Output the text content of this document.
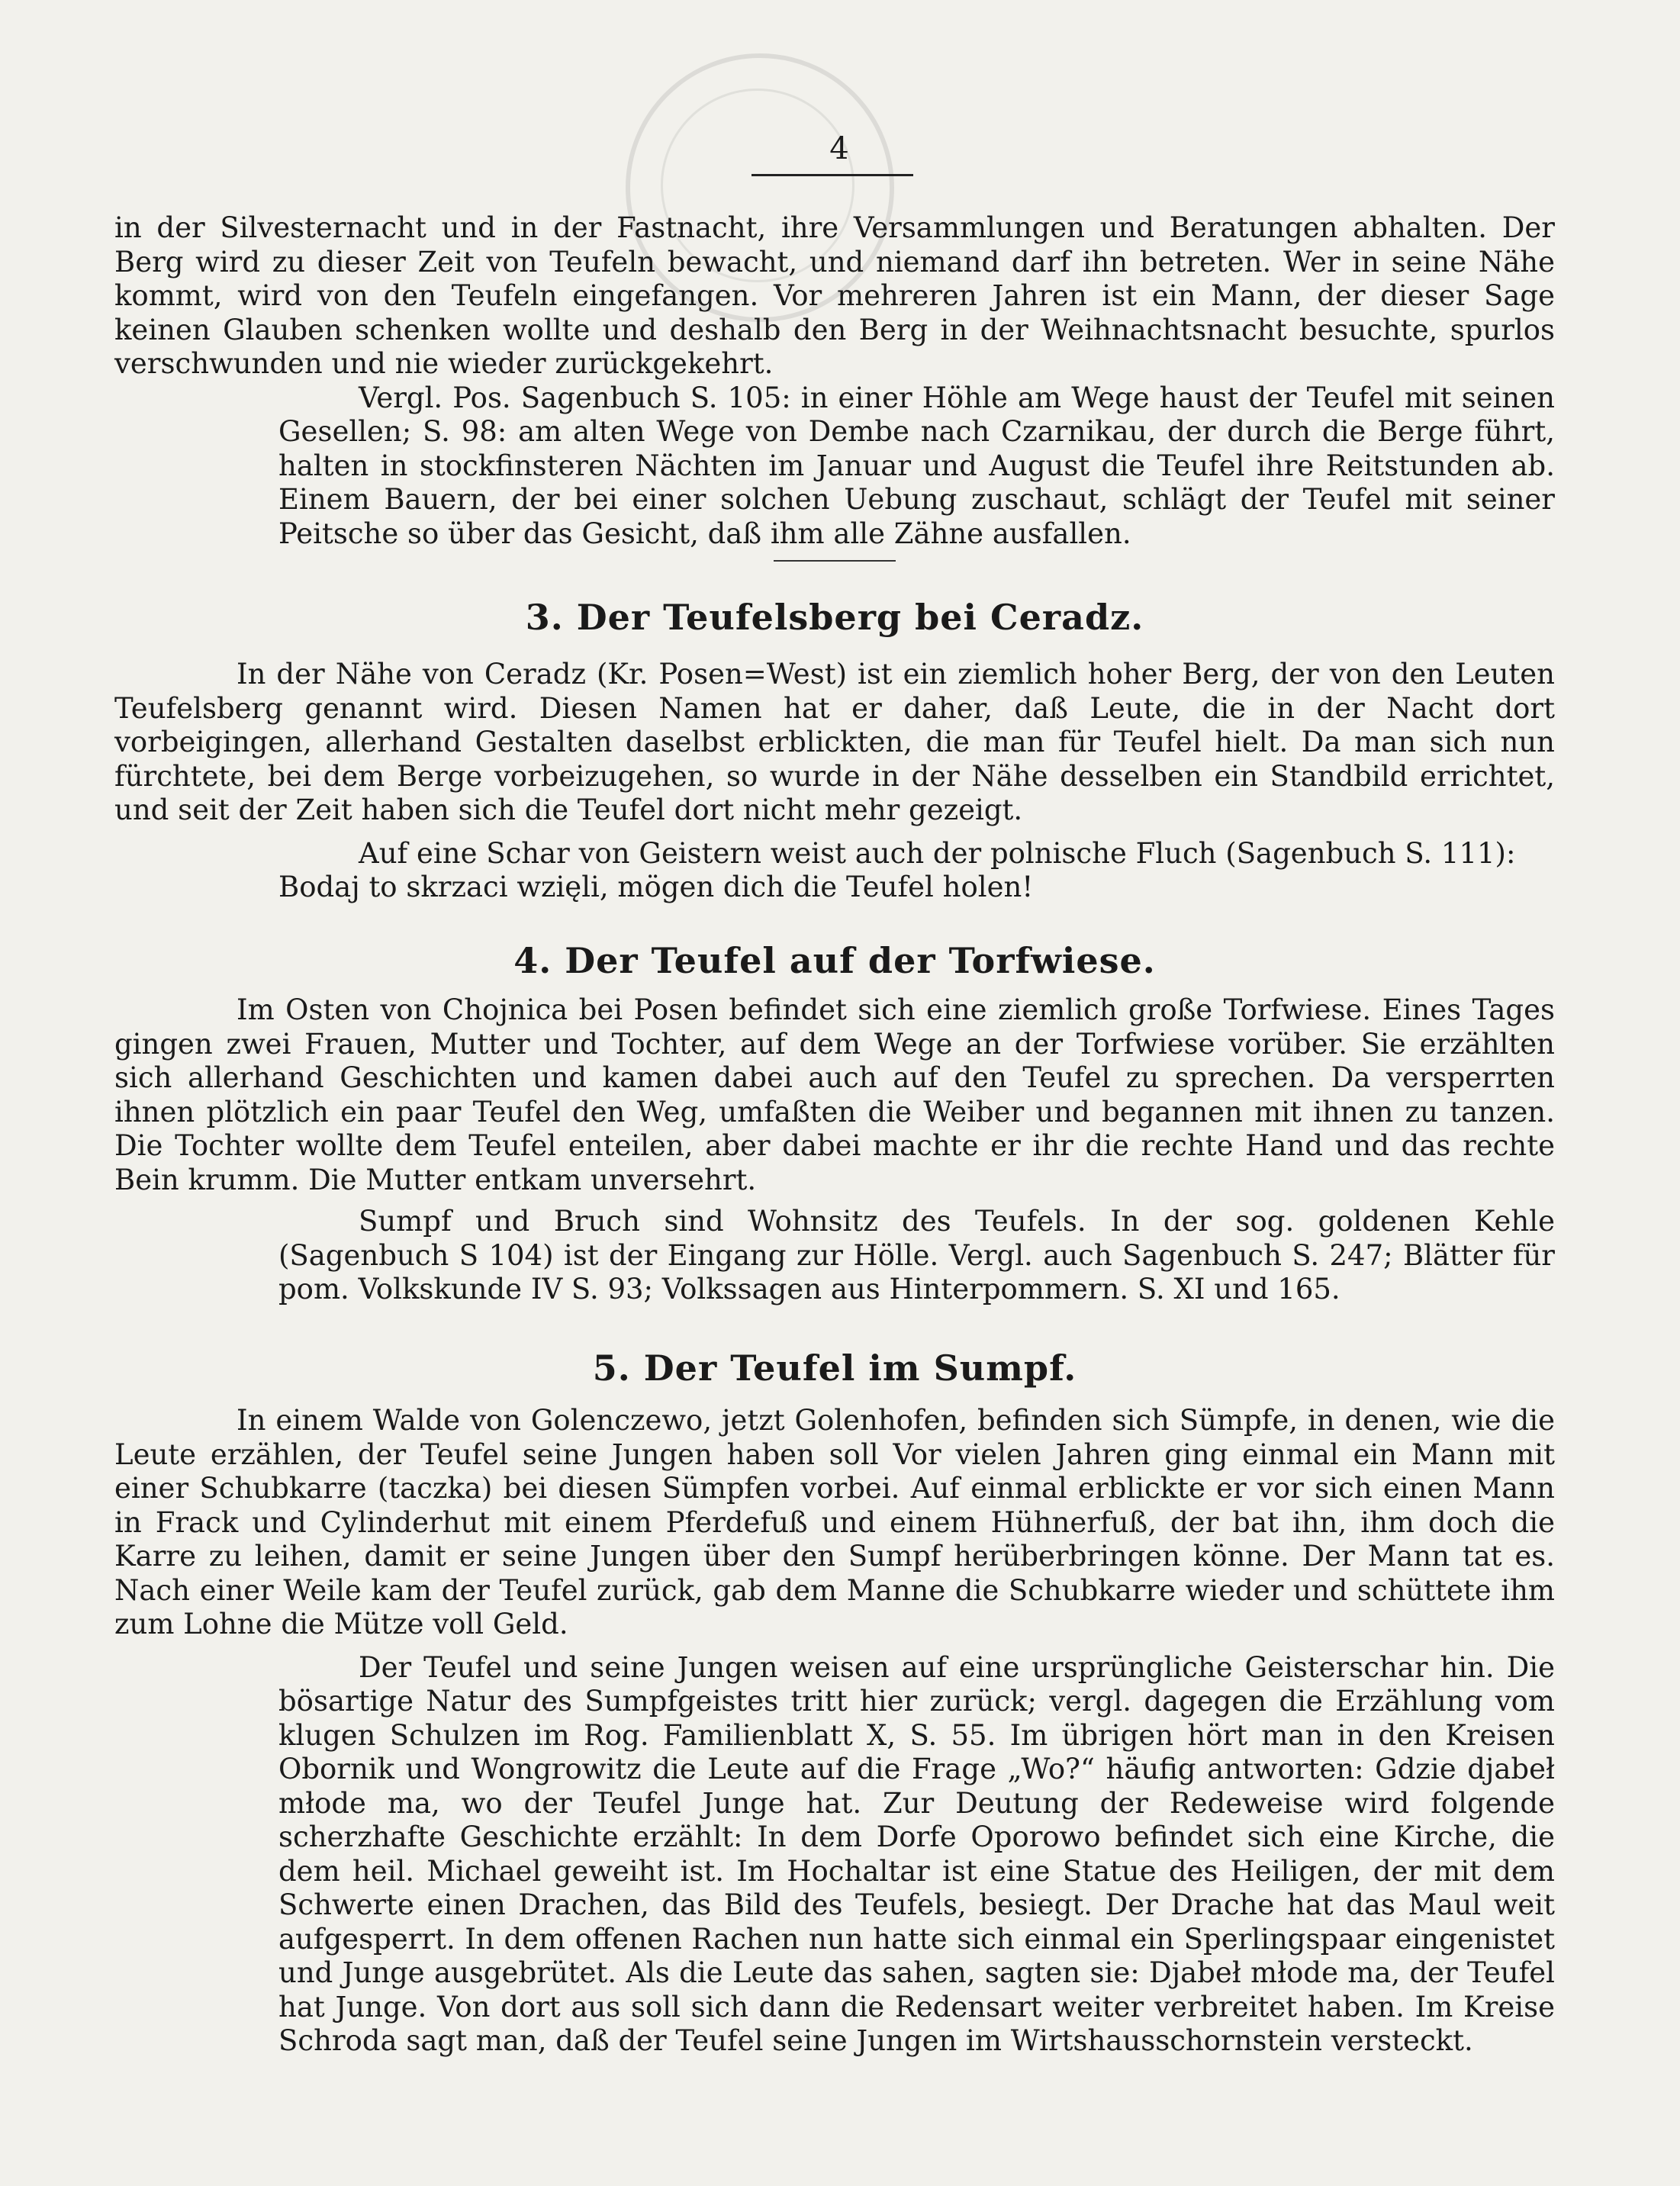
4

in der Silvesternacht und in der Fastnacht, ihre Versammlungen und Beratungen abhalten. Der Berg wird zu dieser Zeit von Teufeln bewacht, und niemand darf ihn betreten. Wer in seine Nähe kommt, wird von den Teufeln eingefangen. Vor mehreren Jahren ist ein Mann, der dieser Sage keinen Glauben schenken wollte und deshalb den Berg in der Weihnachtsnacht besuchte, spurlos verschwunden und nie wieder zurückgekehrt.

Vergl. Pos. Sagenbuch S. 105: in einer Höhle am Wege haust der Teufel mit seinen Gesellen; S. 98: am alten Wege von Dembe nach Czarnikau, der durch die Berge führt, halten in stockfinsteren Nächten im Januar und August die Teufel ihre Reitstunden ab. Einem Bauern, der bei einer solchen Uebung zuschaut, schlägt der Teufel mit seiner Peitsche so über das Gesicht, daß ihm alle Zähne ausfallen.

3. Der Teufelsberg bei Ceradz.

In der Nähe von Ceradz (Kr. Posen=West) ist ein ziemlich hoher Berg, der von den Leuten Teufelsberg genannt wird. Diesen Namen hat er daher, daß Leute, die in der Nacht dort vorbeigingen, allerhand Gestalten daselbst erblickten, die man für Teufel hielt. Da man sich nun fürchtete, bei dem Berge vorbeizugehen, so wurde in der Nähe desselben ein Standbild errichtet, und seit der Zeit haben sich die Teufel dort nicht mehr gezeigt.

Auf eine Schar von Geistern weist auch der polnische Fluch (Sagenbuch S. 111):

Bodaj to skrzaci wzięli, mögen dich die Teufel holen!

4. Der Teufel auf der Torfwiese.

Im Osten von Chojnica bei Posen befindet sich eine ziemlich große Torfwiese. Eines Tages gingen zwei Frauen, Mutter und Tochter, auf dem Wege an der Torfwiese vorüber. Sie erzählten sich allerhand Geschichten und kamen dabei auch auf den Teufel zu sprechen. Da versperrten ihnen plötzlich ein paar Teufel den Weg, umfaßten die Weiber und begannen mit ihnen zu tanzen. Die Tochter wollte dem Teufel enteilen, aber dabei machte er ihr die rechte Hand und das rechte Bein krumm. Die Mutter entkam unversehrt.

Sumpf und Bruch sind Wohnsitz des Teufels. In der sog. goldenen Kehle (Sagenbuch S 104) ist der Eingang zur Hölle. Vergl. auch Sagenbuch S. 247; Blätter für pom. Volkskunde IV S. 93; Volkssagen aus Hinterpommern. S. XI und 165.

5. Der Teufel im Sumpf.

In einem Walde von Golenczewo, jetzt Golenhofen, befinden sich Sümpfe, in denen, wie die Leute erzählen, der Teufel seine Jungen haben soll Vor vielen Jahren ging einmal ein Mann mit einer Schubkarre (taczka) bei diesen Sümpfen vorbei. Auf einmal erblickte er vor sich einen Mann in Frack und Cylinderhut mit einem Pferdefuß und einem Hühnerfuß, der bat ihn, ihm doch die Karre zu leihen, damit er seine Jungen über den Sumpf herüberbringen könne. Der Mann tat es. Nach einer Weile kam der Teufel zurück, gab dem Manne die Schubkarre wieder und schüttete ihm zum Lohne die Mütze voll Geld.

Der Teufel und seine Jungen weisen auf eine ursprüngliche Geisterschar hin. Die bösartige Natur des Sumpfgeistes tritt hier zurück; vergl. dagegen die Erzählung vom klugen Schulzen im Rog. Familienblatt X, S. 55. Im übrigen hört man in den Kreisen Obornik und Wongrowitz die Leute auf die Frage „Wo?“ häufig antworten: Gdzie djabeł młode ma, wo der Teufel Junge hat. Zur Deutung der Redeweise wird folgende scherzhafte Geschichte erzählt: In dem Dorfe Oporowo befindet sich eine Kirche, die dem heil. Michael geweiht ist. Im Hochaltar ist eine Statue des Heiligen, der mit dem Schwerte einen Drachen, das Bild des Teufels, besiegt. Der Drache hat das Maul weit aufgesperrt. In dem offenen Rachen nun hatte sich einmal ein Sperlingspaar eingenistet und Junge ausgebrütet. Als die Leute das sahen, sagten sie: Djabeł młode ma, der Teufel hat Junge. Von dort aus soll sich dann die Redensart weiter verbreitet haben. Im Kreise Schroda sagt man, daß der Teufel seine Jungen im Wirtshausschornstein versteckt.
